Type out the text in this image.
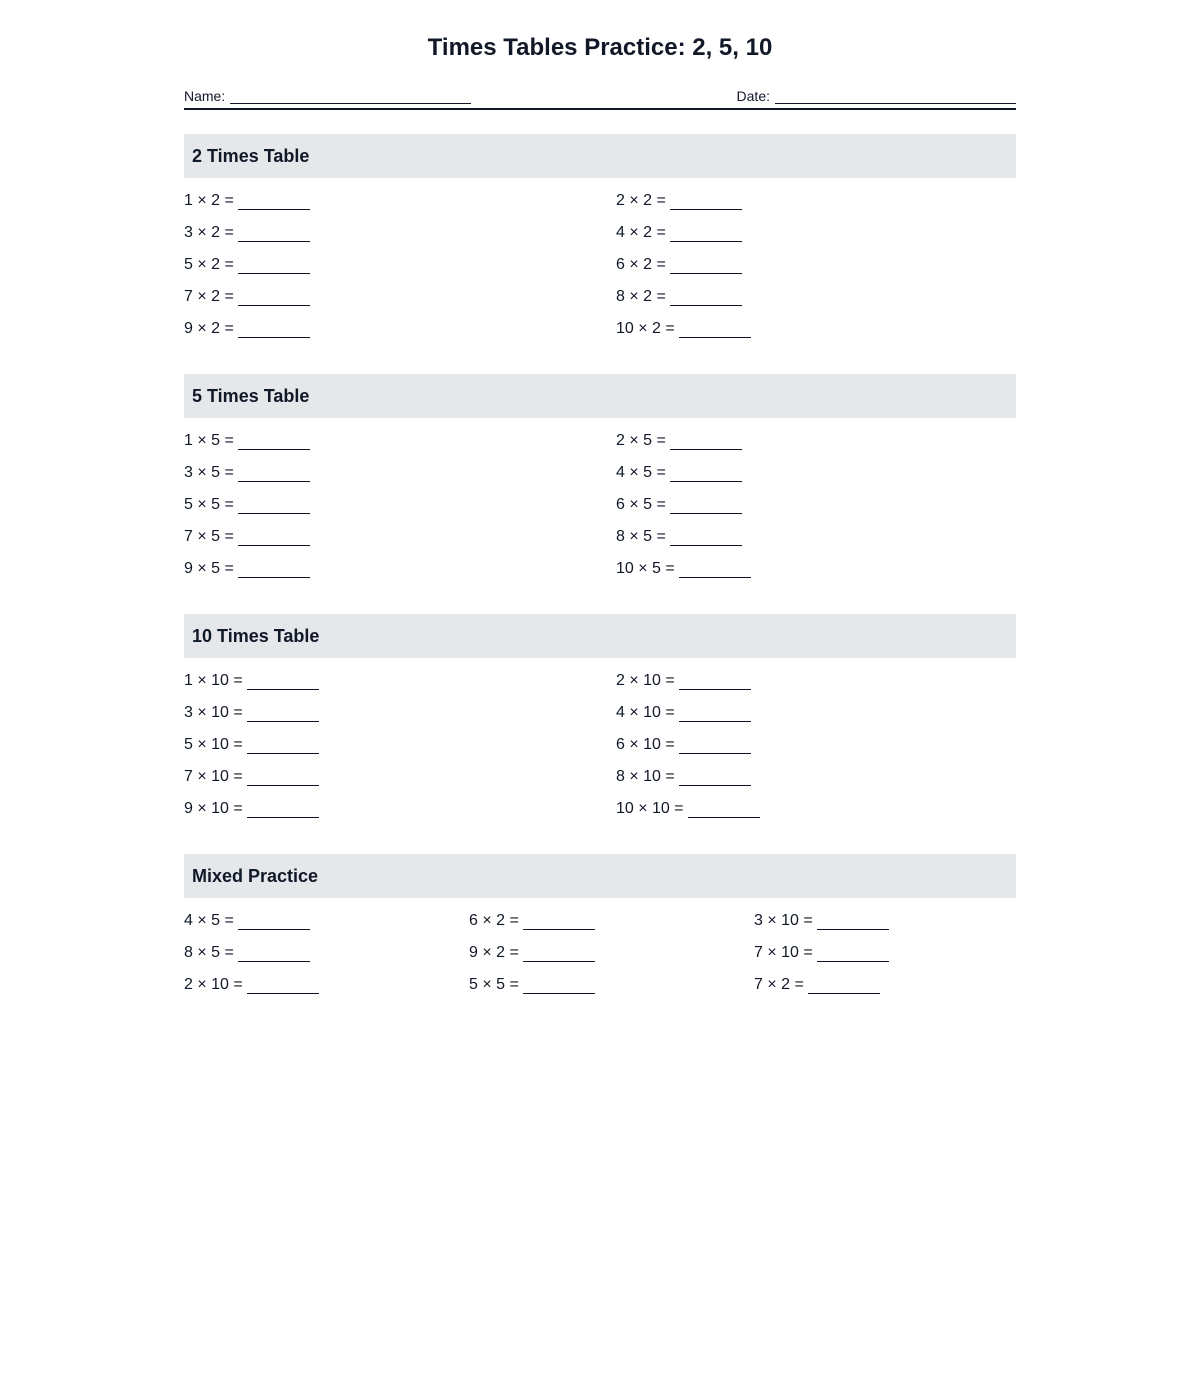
Times Tables Practice: 2, 5, 10
Name:	Date:
2 Times Table
1 × 2 =	2 × 2 =
3 × 2 =	4 × 2 =
5 × 2 =	6 × 2 =
7 × 2 =	8 × 2 =
9 × 2 =	10 × 2 =
5 Times Table
1 × 5 =	2 × 5 =
3 × 5 =	4 × 5 =
5 × 5 =	6 × 5 =
7 × 5 =	8 × 5 =
9 × 5 =	10 × 5 =
10 Times Table
1 × 10 =	2 × 10 =
3 × 10 =	4 × 10 =
5 × 10 =	6 × 10 =
7 × 10 =	8 × 10 =
9 × 10 =	10 × 10 =
Mixed Practice
4 × 5 =	6 × 2 =	3 × 10 =
8 × 5 =	9 × 2 =	7 × 10 =
2 × 10 =	5 × 5 =	7 × 2 =
